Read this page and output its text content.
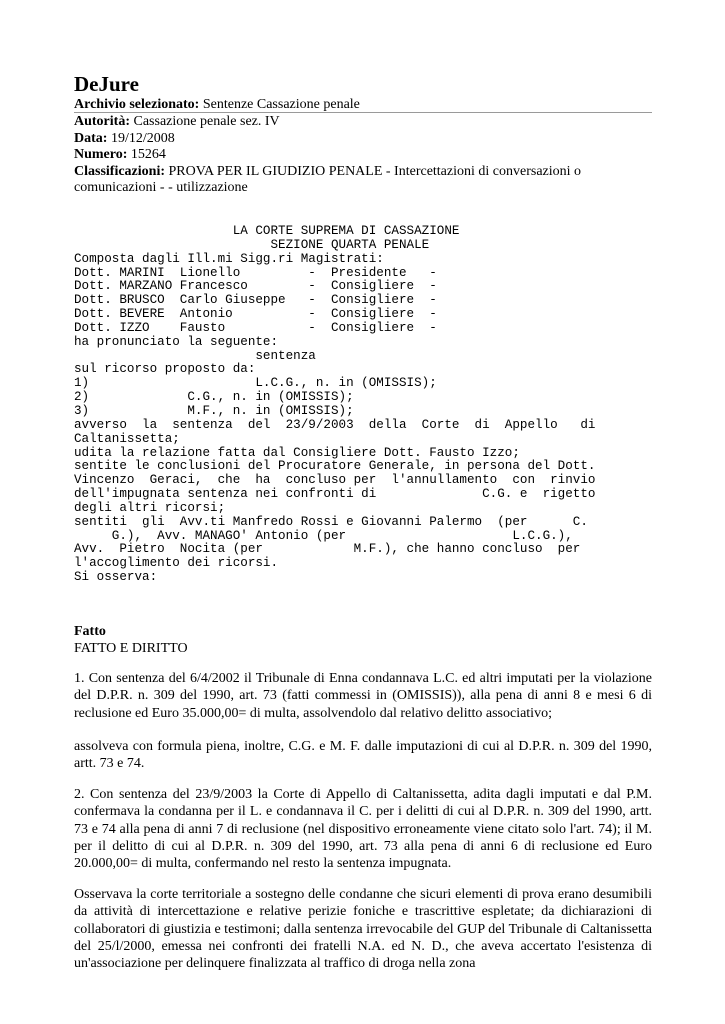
DeJure
Archivio selezionato: Sentenze Cassazione penale
Autorità: Cassazione penale sez. IV
Data: 19/12/2008
Numero: 15264
Classificazioni: PROVA PER IL GIUDIZIO PENALE - Intercettazioni di conversazioni o comunicazioni - - utilizzazione
LA CORTE SUPREMA DI CASSAZIONE
SEZIONE QUARTA PENALE
Composta dagli Ill.mi Sigg.ri Magistrati:
Dott. MARINI  Lionello         -  Presidente   -
Dott. MARZANO Francesco        -  Consigliere  -
Dott. BRUSCO  Carlo Giuseppe   -  Consigliere  -
Dott. BEVERE  Antonio          -  Consigliere  -
Dott. IZZO    Fausto           -  Consigliere  -
ha pronunciato la seguente:
sentenza
sul ricorso proposto da:
1)                      L.C.G., n. in (OMISSIS);
2)             C.G., n. in (OMISSIS);
3)             M.F., n. in (OMISSIS);
avverso  la  sentenza  del  23/9/2003  della  Corte  di  Appello   di
Caltanissetta;
udita la relazione fatta dal Consigliere Dott. Fausto Izzo;
sentite le conclusioni del Procuratore Generale, in persona del Dott.
Vincenzo  Geraci,  che  ha  concluso per  l'annullamento  con  rinvio
dell'impugnata sentenza nei confronti di              C.G. e  rigetto
degli altri ricorsi;
sentiti  gli  Avv.ti Manfredo Rossi e Giovanni Palermo  (per      C.
G.),  Avv. MANAGO' Antonio (per                      L.C.G.),
Avv.  Pietro  Nocita (per            M.F.), che hanno concluso  per
l'accoglimento dei ricorsi.
Si osserva:
Fatto
FATTO E DIRITTO

1. Con sentenza del 6/4/2002 il Tribunale di Enna condannava L.C. ed altri imputati per la violazione del D.P.R. n. 309 del 1990, art. 73 (fatti commessi in (OMISSIS)), alla pena di anni 8 e mesi 6 di reclusione ed Euro 35.000,00= di multa, assolvendolo dal relativo delitto associativo;

assolveva con formula piena, inoltre, C.G. e M. F. dalle imputazioni di cui al D.P.R. n. 309 del 1990, artt. 73 e 74.

2. Con sentenza del 23/9/2003 la Corte di Appello di Caltanissetta, adita dagli imputati e dal P.M. confermava la condanna per il L. e condannava il C. per i delitti di cui al D.P.R. n. 309 del 1990, artt. 73 e 74 alla pena di anni 7 di reclusione (nel dispositivo erroneamente viene citato solo l'art. 74); il M. per il delitto di cui al D.P.R. n. 309 del 1990, art. 73 alla pena di anni 6 di reclusione ed Euro 20.000,00= di multa, confermando nel resto la sentenza impugnata.

Osservava la corte territoriale a sostegno delle condanne che sicuri elementi di prova erano desumibili da attività di intercettazione e relative perizie foniche e trascrittive espletate; da dichiarazioni di collaboratori di giustizia e testimoni; dalla sentenza irrevocabile del GUP del Tribunale di Caltanissetta del 25/l/2000, emessa nei confronti dei fratelli N.A. ed N. D., che aveva accertato l'esistenza di un'associazione per delinquere finalizzata al traffico di droga nella zona
